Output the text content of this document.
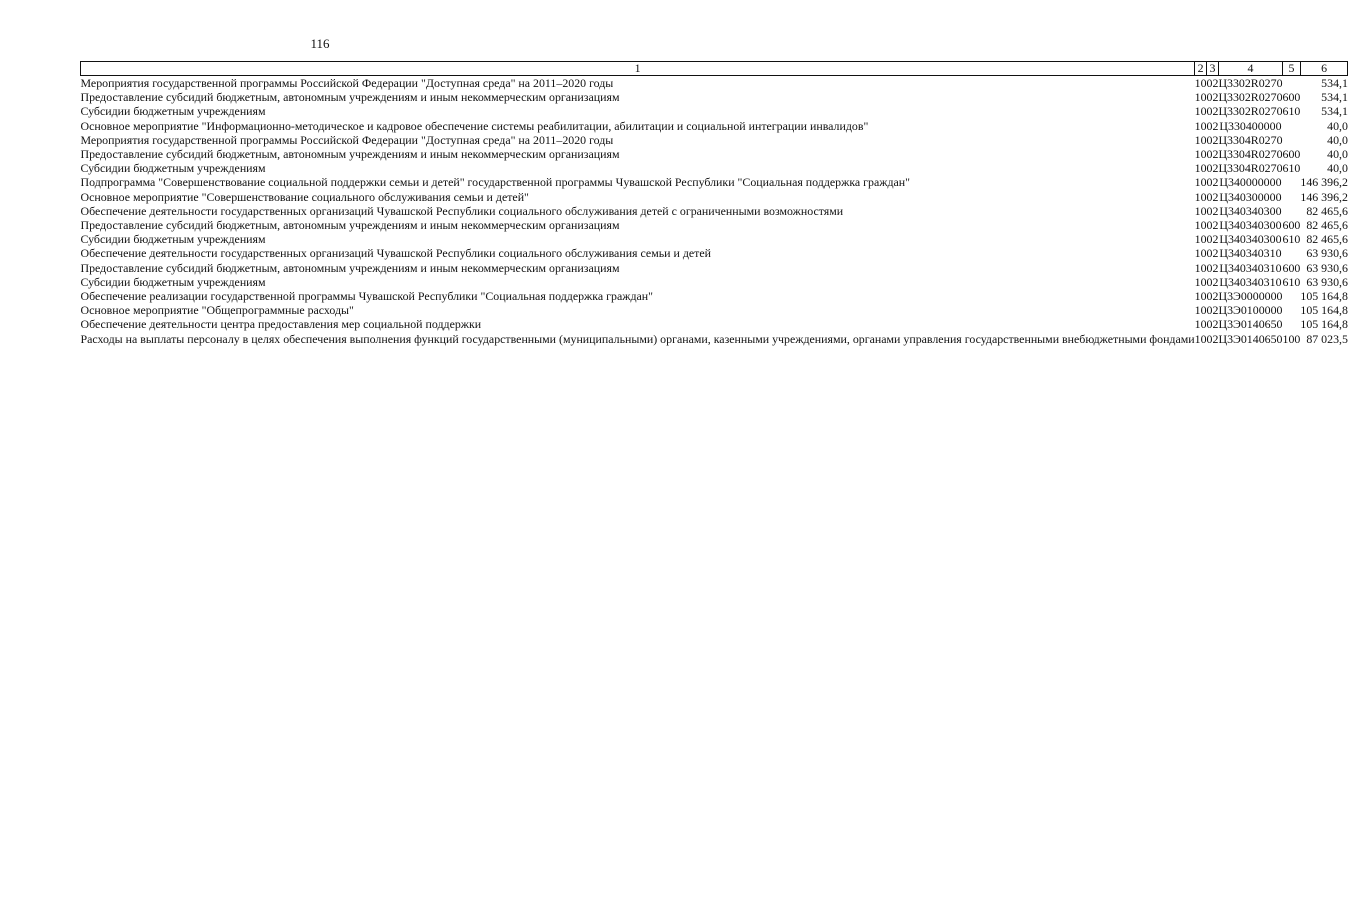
116
1	2	3	4	5	6
Мероприятия государственной программы Российской Федерации "Доступная среда" на 2011–2020 годы	10	02	Ц3302R0270		534,1
Предоставление субсидий бюджетным, автономным учреждениям и иным некоммерческим организациям	10	02	Ц3302R0270	600	534,1
Субсидии бюджетным учреждениям	10	02	Ц3302R0270	610	534,1
Основное мероприятие "Информационно-методическое и кадровое обеспечение системы реабилитации, абилитации и социальной интеграции инвалидов"	10	02	Ц330400000		40,0
Мероприятия государственной программы Российской Федерации "Доступная среда" на 2011–2020 годы	10	02	Ц3304R0270		40,0
Предоставление субсидий бюджетным, автономным учреждениям и иным некоммерческим организациям	10	02	Ц3304R0270	600	40,0
Субсидии бюджетным учреждениям	10	02	Ц3304R0270	610	40,0
Подпрограмма "Совершенствование социальной поддержки семьи и детей" государственной программы Чувашской Республики "Социальная поддержка граждан"	10	02	Ц340000000		146 396,2
Основное мероприятие "Совершенствование социального обслуживания семьи и детей"	10	02	Ц340300000		146 396,2
Обеспечение деятельности государственных организаций Чувашской Республики социального обслуживания детей с ограниченными возможностями	10	02	Ц340340300		82 465,6
Предоставление субсидий бюджетным, автономным учреждениям и иным некоммерческим организациям	10	02	Ц340340300	600	82 465,6
Субсидии бюджетным учреждениям	10	02	Ц340340300	610	82 465,6
Обеспечение деятельности государственных организаций Чувашской Республики социального обслуживания семьи и детей	10	02	Ц340340310		63 930,6
Предоставление субсидий бюджетным, автономным учреждениям и иным некоммерческим организациям	10	02	Ц340340310	600	63 930,6
Субсидии бюджетным учреждениям	10	02	Ц340340310	610	63 930,6
Обеспечение реализации государственной программы Чувашской Республики "Социальная поддержка граждан"	10	02	Ц3Э0000000		105 164,8
Основное мероприятие "Общепрограммные расходы"	10	02	Ц3Э0100000		105 164,8
Обеспечение деятельности центра предоставления мер социальной поддержки	10	02	Ц3Э0140650		105 164,8
Расходы на выплаты персоналу в целях обеспечения выполнения функций государственными (муниципальными) органами, казенными учреждениями, органами управления государственными внебюджетными фондами	10	02	Ц3Э0140650	100	87 023,5
